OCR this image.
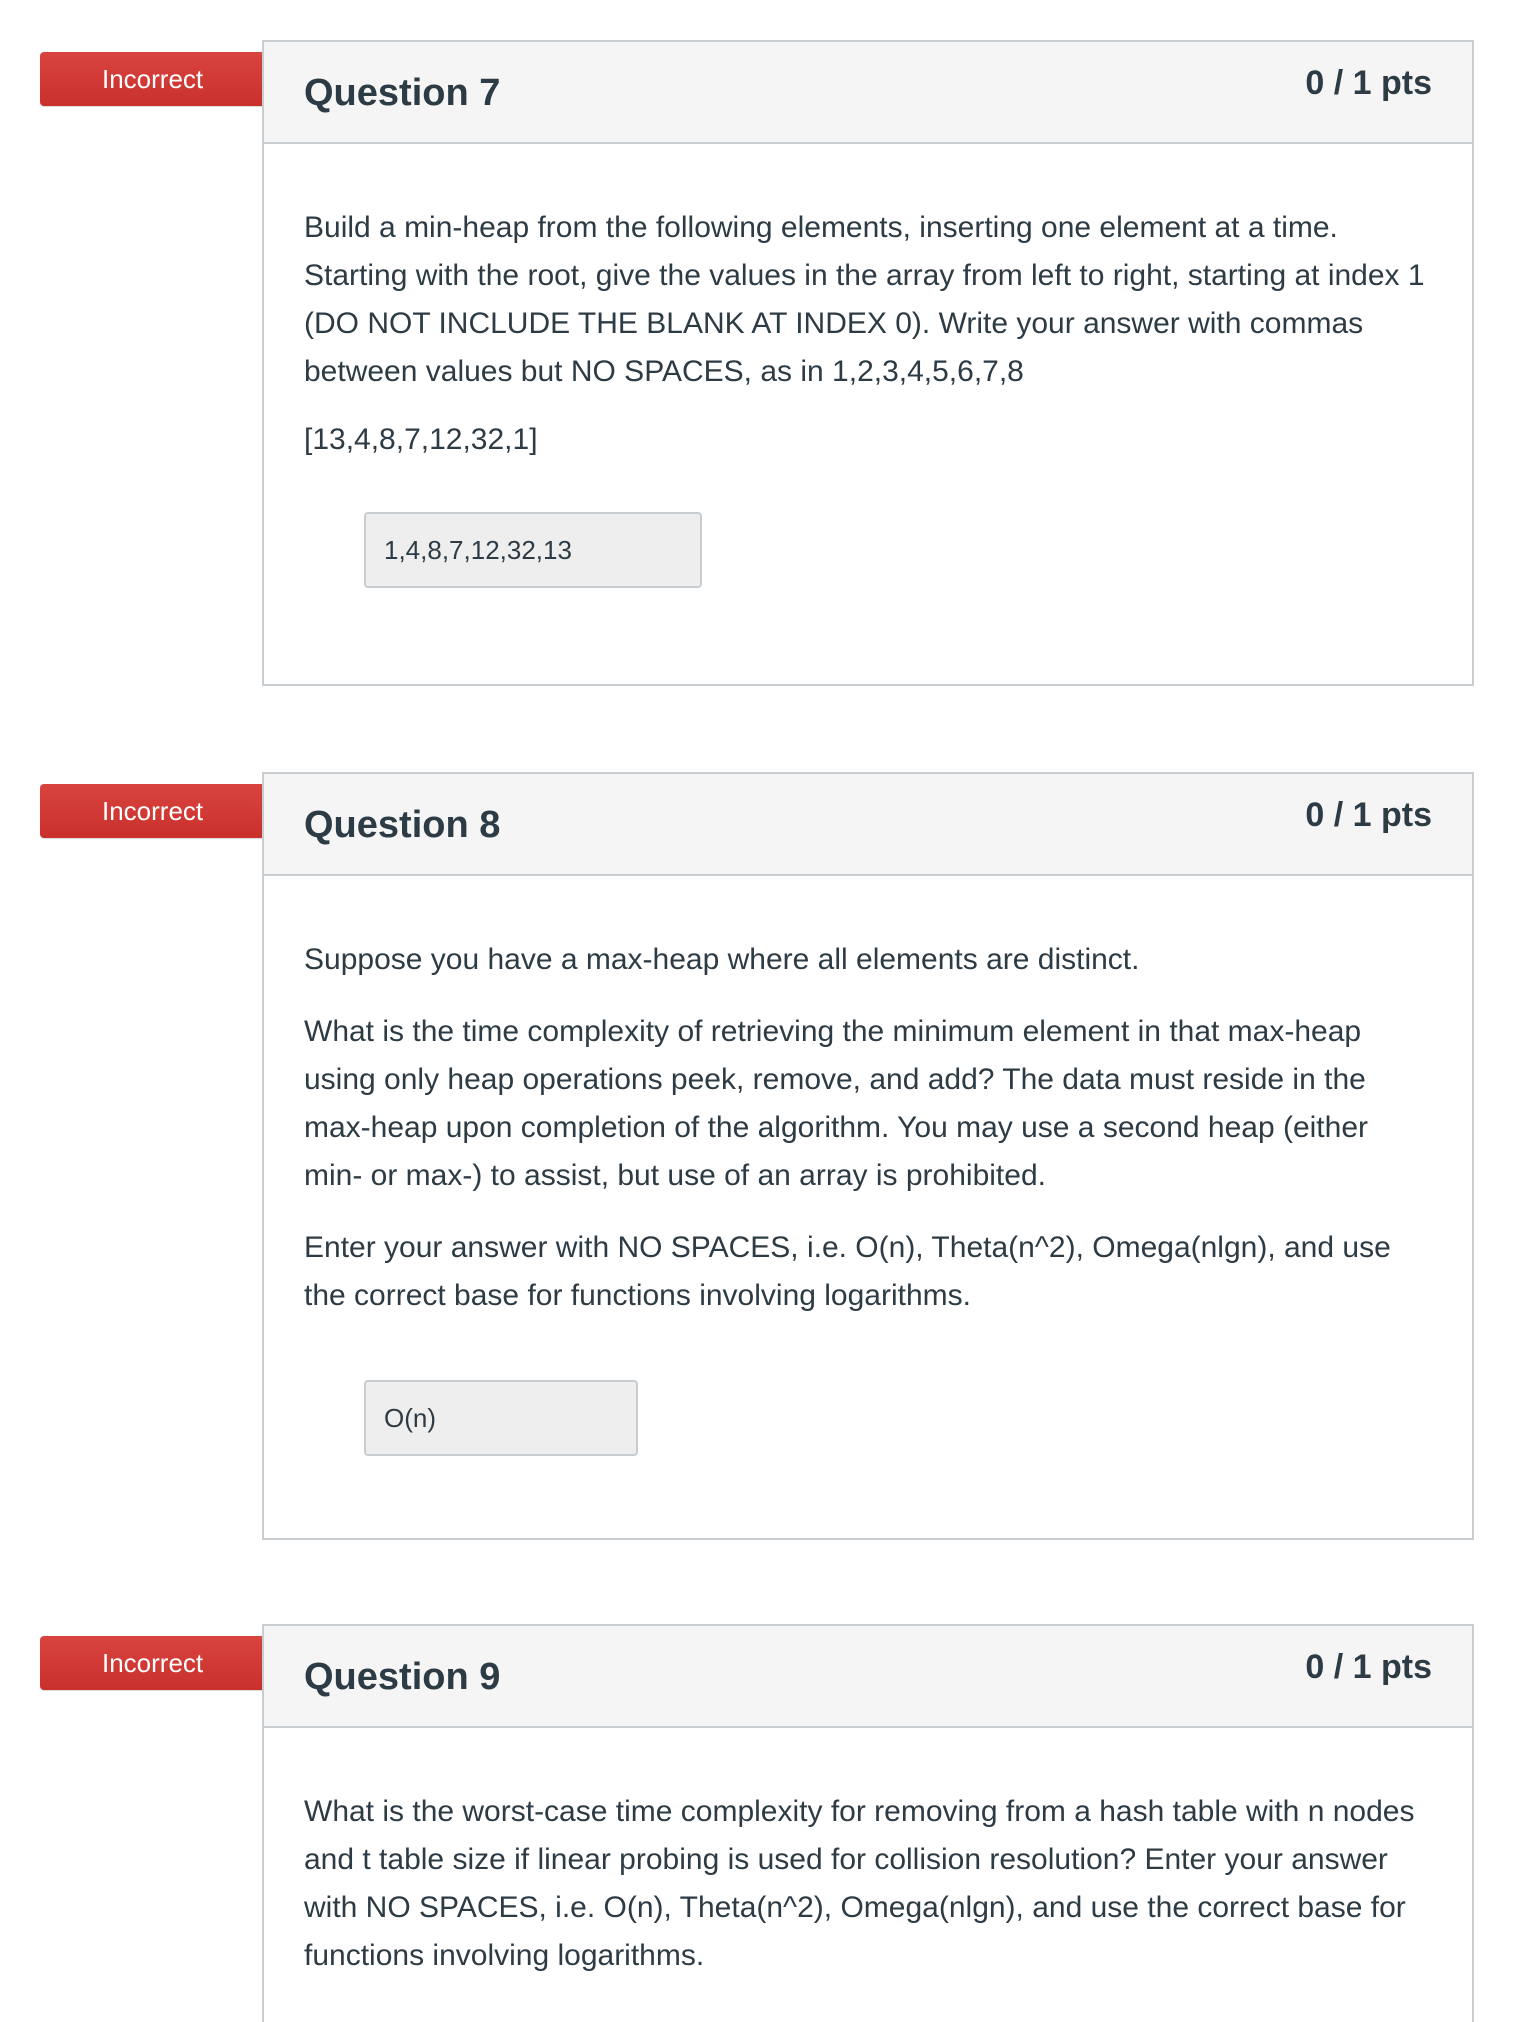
Incorrect	Question 7	0 / 1 pts

Build a min-heap from the following elements, inserting one element at a time. Starting with the root, give the values in the array from left to right, starting at index 1 (DO NOT INCLUDE THE BLANK AT INDEX 0). Write your answer with commas between values but NO SPACES, as in 1,2,3,4,5,6,7,8

[13,4,8,7,12,32,1]

1,4,8,7,12,32,13
Incorrect	Question 8	0 / 1 pts

Suppose you have a max-heap where all elements are distinct.

What is the time complexity of retrieving the minimum element in that max-heap using only heap operations peek, remove, and add? The data must reside in the max-heap upon completion of the algorithm. You may use a second heap (either min- or max-) to assist, but use of an array is prohibited.

Enter your answer with NO SPACES, i.e. O(n), Theta(n^2), Omega(nlgn), and use the correct base for functions involving logarithms.

O(n)
Incorrect	Question 9	0 / 1 pts

What is the worst-case time complexity for removing from a hash table with n nodes and t table size if linear probing is used for collision resolution? Enter your answer with NO SPACES, i.e. O(n), Theta(n^2), Omega(nlgn), and use the correct base for functions involving logarithms.
